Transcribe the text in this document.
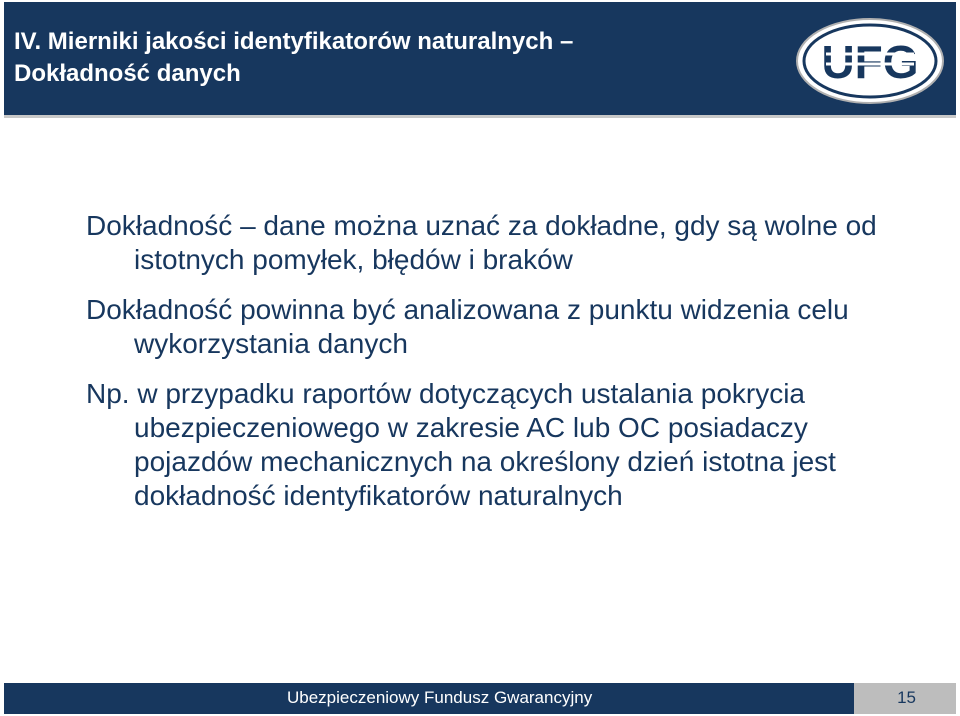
IV. Mierniki jakości identyfikatorów naturalnych –
Dokładność danych	UFG

Dokładność – dane można uznać za dokładne, gdy są wolne od istotnych pomyłek, błędów i braków

Dokładność powinna być analizowana z punktu widzenia celu wykorzystania danych

Np. w przypadku raportów dotyczących ustalania pokrycia ubezpieczeniowego w zakresie AC lub OC posiadaczy pojazdów mechanicznych na określony dzień istotna jest dokładność identyfikatorów naturalnych

Ubezpieczeniowy Fundusz Gwarancyjny	15
